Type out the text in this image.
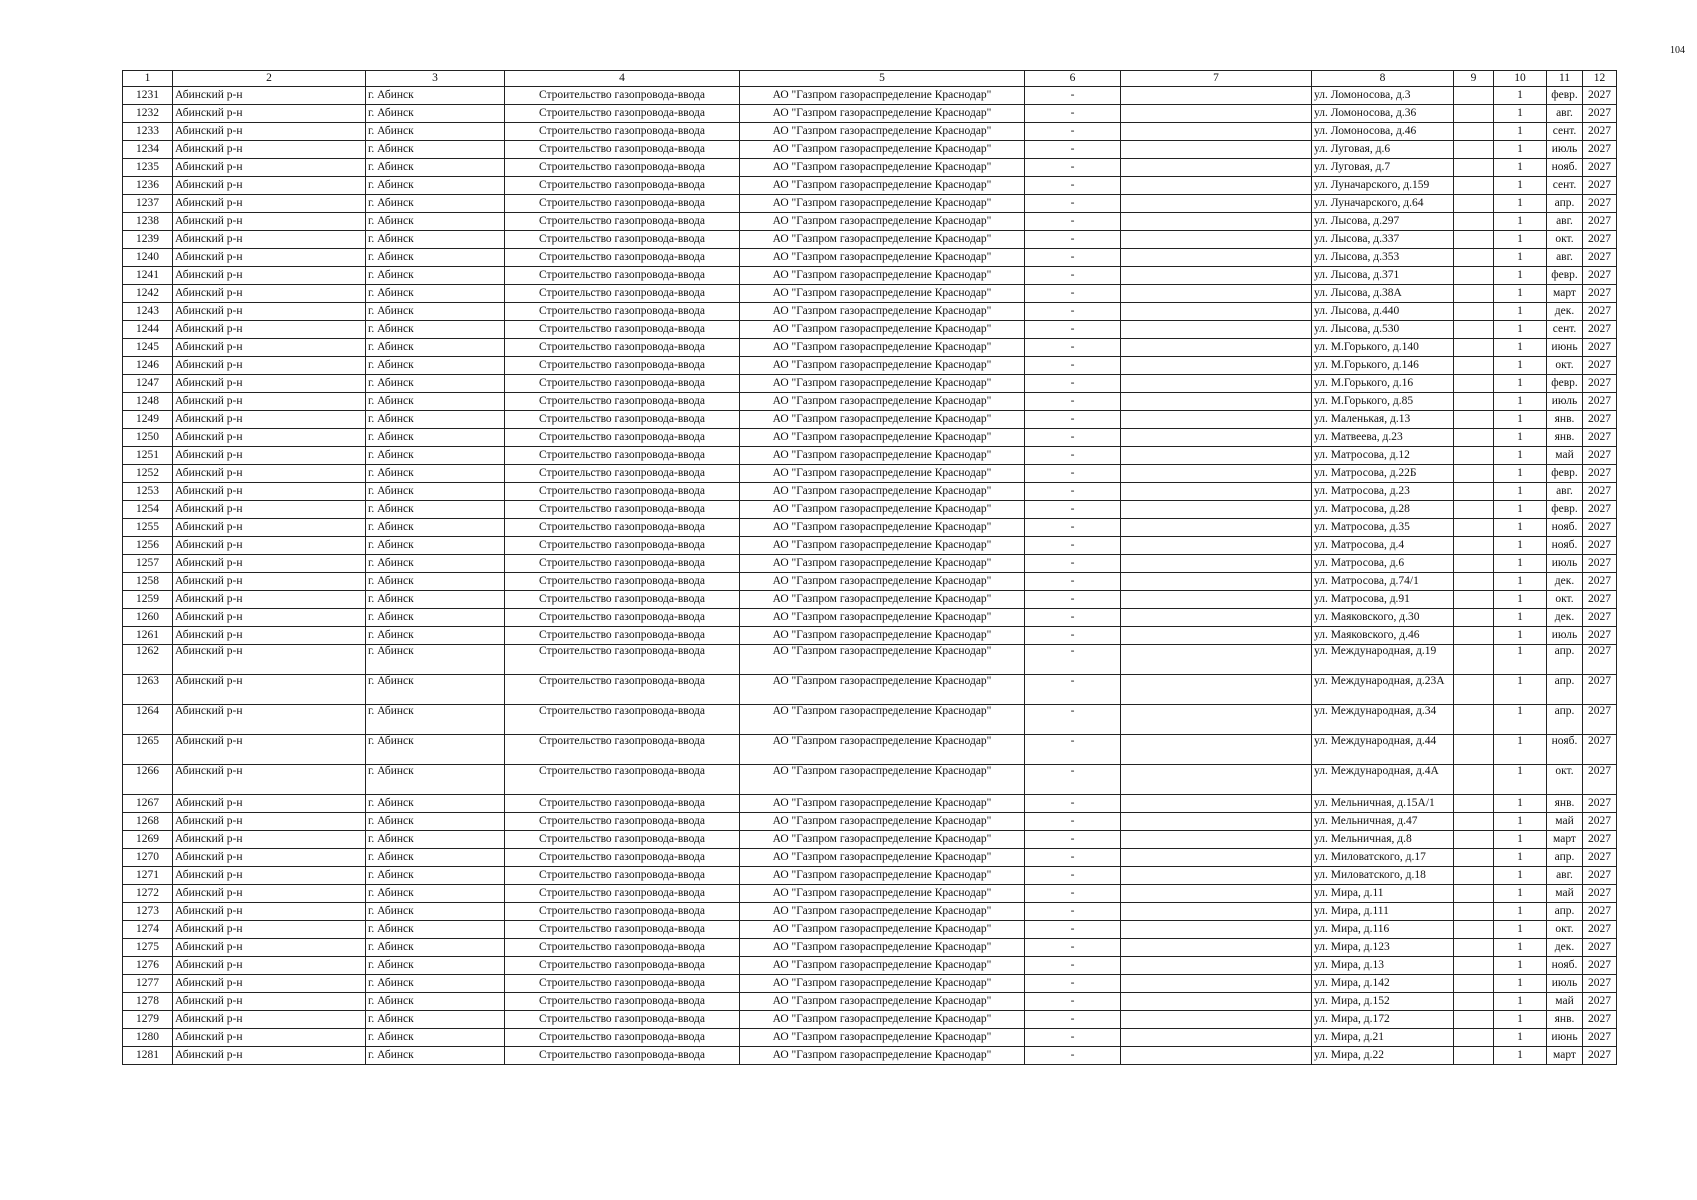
104
1	2	3	4	5	6	7	8	9	10	11	12
1231	Абинский р-н	г. Абинск	Строительство газопровода-ввода	АО "Газпром газораспределение Краснодар"	-		ул. Ломоносова, д.3		1	февр.	2027
1232	Абинский р-н	г. Абинск	Строительство газопровода-ввода	АО "Газпром газораспределение Краснодар"	-		ул. Ломоносова, д.36		1	авг.	2027
1233	Абинский р-н	г. Абинск	Строительство газопровода-ввода	АО "Газпром газораспределение Краснодар"	-		ул. Ломоносова, д.46		1	сент.	2027
1234	Абинский р-н	г. Абинск	Строительство газопровода-ввода	АО "Газпром газораспределение Краснодар"	-		ул. Луговая, д.6		1	июль	2027
1235	Абинский р-н	г. Абинск	Строительство газопровода-ввода	АО "Газпром газораспределение Краснодар"	-		ул. Луговая, д.7		1	нояб.	2027
1236	Абинский р-н	г. Абинск	Строительство газопровода-ввода	АО "Газпром газораспределение Краснодар"	-		ул. Луначарского, д.159		1	сент.	2027
1237	Абинский р-н	г. Абинск	Строительство газопровода-ввода	АО "Газпром газораспределение Краснодар"	-		ул. Луначарского, д.64		1	апр.	2027
1238	Абинский р-н	г. Абинск	Строительство газопровода-ввода	АО "Газпром газораспределение Краснодар"	-		ул. Лысова, д.297		1	авг.	2027
1239	Абинский р-н	г. Абинск	Строительство газопровода-ввода	АО "Газпром газораспределение Краснодар"	-		ул. Лысова, д.337		1	окт.	2027
1240	Абинский р-н	г. Абинск	Строительство газопровода-ввода	АО "Газпром газораспределение Краснодар"	-		ул. Лысова, д.353		1	авг.	2027
1241	Абинский р-н	г. Абинск	Строительство газопровода-ввода	АО "Газпром газораспределение Краснодар"	-		ул. Лысова, д.371		1	февр.	2027
1242	Абинский р-н	г. Абинск	Строительство газопровода-ввода	АО "Газпром газораспределение Краснодар"	-		ул. Лысова, д.38А		1	март	2027
1243	Абинский р-н	г. Абинск	Строительство газопровода-ввода	АО "Газпром газораспределение Краснодар"	-		ул. Лысова, д.440		1	дек.	2027
1244	Абинский р-н	г. Абинск	Строительство газопровода-ввода	АО "Газпром газораспределение Краснодар"	-		ул. Лысова, д.530		1	сент.	2027
1245	Абинский р-н	г. Абинск	Строительство газопровода-ввода	АО "Газпром газораспределение Краснодар"	-		ул. М.Горького, д.140		1	июнь	2027
1246	Абинский р-н	г. Абинск	Строительство газопровода-ввода	АО "Газпром газораспределение Краснодар"	-		ул. М.Горького, д.146		1	окт.	2027
1247	Абинский р-н	г. Абинск	Строительство газопровода-ввода	АО "Газпром газораспределение Краснодар"	-		ул. М.Горького, д.16		1	февр.	2027
1248	Абинский р-н	г. Абинск	Строительство газопровода-ввода	АО "Газпром газораспределение Краснодар"	-		ул. М.Горького, д.85		1	июль	2027
1249	Абинский р-н	г. Абинск	Строительство газопровода-ввода	АО "Газпром газораспределение Краснодар"	-		ул. Маленькая, д.13		1	янв.	2027
1250	Абинский р-н	г. Абинск	Строительство газопровода-ввода	АО "Газпром газораспределение Краснодар"	-		ул. Матвеева, д.23		1	янв.	2027
1251	Абинский р-н	г. Абинск	Строительство газопровода-ввода	АО "Газпром газораспределение Краснодар"	-		ул. Матросова, д.12		1	май	2027
1252	Абинский р-н	г. Абинск	Строительство газопровода-ввода	АО "Газпром газораспределение Краснодар"	-		ул. Матросова, д.22Б		1	февр.	2027
1253	Абинский р-н	г. Абинск	Строительство газопровода-ввода	АО "Газпром газораспределение Краснодар"	-		ул. Матросова, д.23		1	авг.	2027
1254	Абинский р-н	г. Абинск	Строительство газопровода-ввода	АО "Газпром газораспределение Краснодар"	-		ул. Матросова, д.28		1	февр.	2027
1255	Абинский р-н	г. Абинск	Строительство газопровода-ввода	АО "Газпром газораспределение Краснодар"	-		ул. Матросова, д.35		1	нояб.	2027
1256	Абинский р-н	г. Абинск	Строительство газопровода-ввода	АО "Газпром газораспределение Краснодар"	-		ул. Матросова, д.4		1	нояб.	2027
1257	Абинский р-н	г. Абинск	Строительство газопровода-ввода	АО "Газпром газораспределение Краснодар"	-		ул. Матросова, д.6		1	июль	2027
1258	Абинский р-н	г. Абинск	Строительство газопровода-ввода	АО "Газпром газораспределение Краснодар"	-		ул. Матросова, д.74/1		1	дек.	2027
1259	Абинский р-н	г. Абинск	Строительство газопровода-ввода	АО "Газпром газораспределение Краснодар"	-		ул. Матросова, д.91		1	окт.	2027
1260	Абинский р-н	г. Абинск	Строительство газопровода-ввода	АО "Газпром газораспределение Краснодар"	-		ул. Маяковского, д.30		1	дек.	2027
1261	Абинский р-н	г. Абинск	Строительство газопровода-ввода	АО "Газпром газораспределение Краснодар"	-		ул. Маяковского, д.46		1	июль	2027
1262	Абинский р-н	г. Абинск	Строительство газопровода-ввода	АО "Газпром газораспределение Краснодар"	-		ул. Международная, д.19		1	апр.	2027
1263	Абинский р-н	г. Абинск	Строительство газопровода-ввода	АО "Газпром газораспределение Краснодар"	-		ул. Международная, д.23А		1	апр.	2027
1264	Абинский р-н	г. Абинск	Строительство газопровода-ввода	АО "Газпром газораспределение Краснодар"	-		ул. Международная, д.34		1	апр.	2027
1265	Абинский р-н	г. Абинск	Строительство газопровода-ввода	АО "Газпром газораспределение Краснодар"	-		ул. Международная, д.44		1	нояб.	2027
1266	Абинский р-н	г. Абинск	Строительство газопровода-ввода	АО "Газпром газораспределение Краснодар"	-		ул. Международная, д.4А		1	окт.	2027
1267	Абинский р-н	г. Абинск	Строительство газопровода-ввода	АО "Газпром газораспределение Краснодар"	-		ул. Мельничная, д.15А/1		1	янв.	2027
1268	Абинский р-н	г. Абинск	Строительство газопровода-ввода	АО "Газпром газораспределение Краснодар"	-		ул. Мельничная, д.47		1	май	2027
1269	Абинский р-н	г. Абинск	Строительство газопровода-ввода	АО "Газпром газораспределение Краснодар"	-		ул. Мельничная, д.8		1	март	2027
1270	Абинский р-н	г. Абинск	Строительство газопровода-ввода	АО "Газпром газораспределение Краснодар"	-		ул. Миловатского, д.17		1	апр.	2027
1271	Абинский р-н	г. Абинск	Строительство газопровода-ввода	АО "Газпром газораспределение Краснодар"	-		ул. Миловатского, д.18		1	авг.	2027
1272	Абинский р-н	г. Абинск	Строительство газопровода-ввода	АО "Газпром газораспределение Краснодар"	-		ул. Мира, д.11		1	май	2027
1273	Абинский р-н	г. Абинск	Строительство газопровода-ввода	АО "Газпром газораспределение Краснодар"	-		ул. Мира, д.111		1	апр.	2027
1274	Абинский р-н	г. Абинск	Строительство газопровода-ввода	АО "Газпром газораспределение Краснодар"	-		ул. Мира, д.116		1	окт.	2027
1275	Абинский р-н	г. Абинск	Строительство газопровода-ввода	АО "Газпром газораспределение Краснодар"	-		ул. Мира, д.123		1	дек.	2027
1276	Абинский р-н	г. Абинск	Строительство газопровода-ввода	АО "Газпром газораспределение Краснодар"	-		ул. Мира, д.13		1	нояб.	2027
1277	Абинский р-н	г. Абинск	Строительство газопровода-ввода	АО "Газпром газораспределение Краснодар"	-		ул. Мира, д.142		1	июль	2027
1278	Абинский р-н	г. Абинск	Строительство газопровода-ввода	АО "Газпром газораспределение Краснодар"	-		ул. Мира, д.152		1	май	2027
1279	Абинский р-н	г. Абинск	Строительство газопровода-ввода	АО "Газпром газораспределение Краснодар"	-		ул. Мира, д.172		1	янв.	2027
1280	Абинский р-н	г. Абинск	Строительство газопровода-ввода	АО "Газпром газораспределение Краснодар"	-		ул. Мира, д.21		1	июнь	2027
1281	Абинский р-н	г. Абинск	Строительство газопровода-ввода	АО "Газпром газораспределение Краснодар"	-		ул. Мира, д.22		1	март	2027
